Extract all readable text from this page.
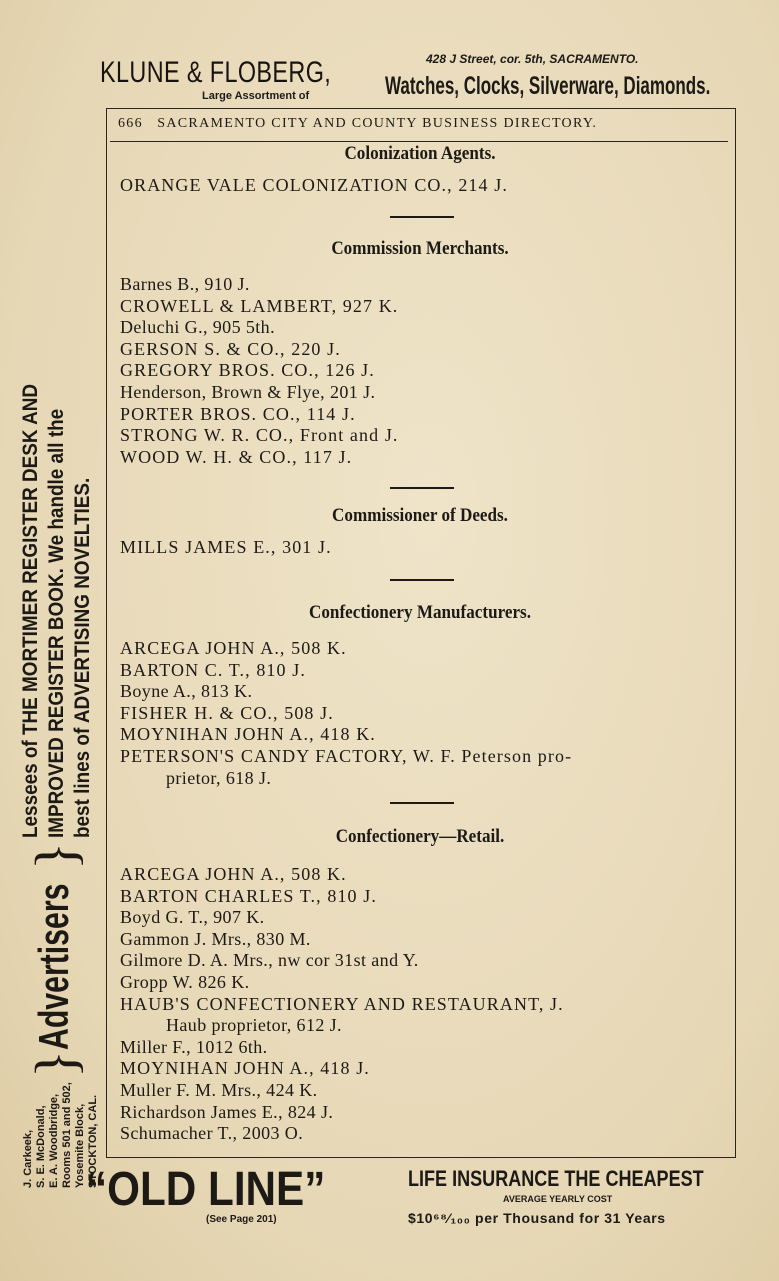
KLUNE & FLOBERG,
Large Assortment of
428 J Street, cor. 5th, SACRAMENTO.
Watches, Clocks, Silverware, Diamonds.
J. Carkeek, S. E. McDonald, E. A. Woodbridge, Rooms 501 and 502, Yosemite Block, STOCKTON, CAL.
}
Advertisers
}
Lessees of THE MORTIMER REGISTER DESK AND IMPROVED REGISTER BOOK. We handle all the best lines of ADVERTISING NOVELTIES.
666   SACRAMENTO CITY AND COUNTY BUSINESS DIRECTORY.
Colonization Agents.
ORANGE VALE COLONIZATION CO., 214 J.
Commission Merchants.
Barnes B., 910 J.
CROWELL & LAMBERT, 927 K.
Deluchi G., 905 5th.
GERSON S. & CO., 220 J.
GREGORY BROS. CO., 126 J.
Henderson, Brown & Flye, 201 J.
PORTER BROS. CO., 114 J.
STRONG W. R. CO., Front and J.
WOOD W. H. & CO., 117 J.
Commissioner of Deeds.
MILLS JAMES E., 301 J.
Confectionery Manufacturers.
ARCEGA JOHN A., 508 K.
BARTON C. T., 810 J.
Boyne A., 813 K.
FISHER H. & CO., 508 J.
MOYNIHAN JOHN A., 418 K.
PETERSON'S CANDY FACTORY, W. F. Peterson pro-
prietor, 618 J.
Confectionery—Retail.
ARCEGA JOHN A., 508 K.
BARTON CHARLES T., 810 J.
Boyd G. T., 907 K.
Gammon J. Mrs., 830 M.
Gilmore D. A. Mrs., nw cor 31st and Y.
Gropp W. 826 K.
HAUB'S CONFECTIONERY AND RESTAURANT, J.
Haub proprietor, 612 J.
Miller F., 1012 6th.
MOYNIHAN JOHN A., 418 J.
Muller F. M. Mrs., 424 K.
Richardson James E., 824 J.
Schumacher T., 2003 O.
“OLD LINE”
(See Page 201)
LIFE INSURANCE THE CHEAPEST
AVERAGE YEARLY COST
$10⁶⁸⁄₁₀₀ per Thousand for 31 Years
